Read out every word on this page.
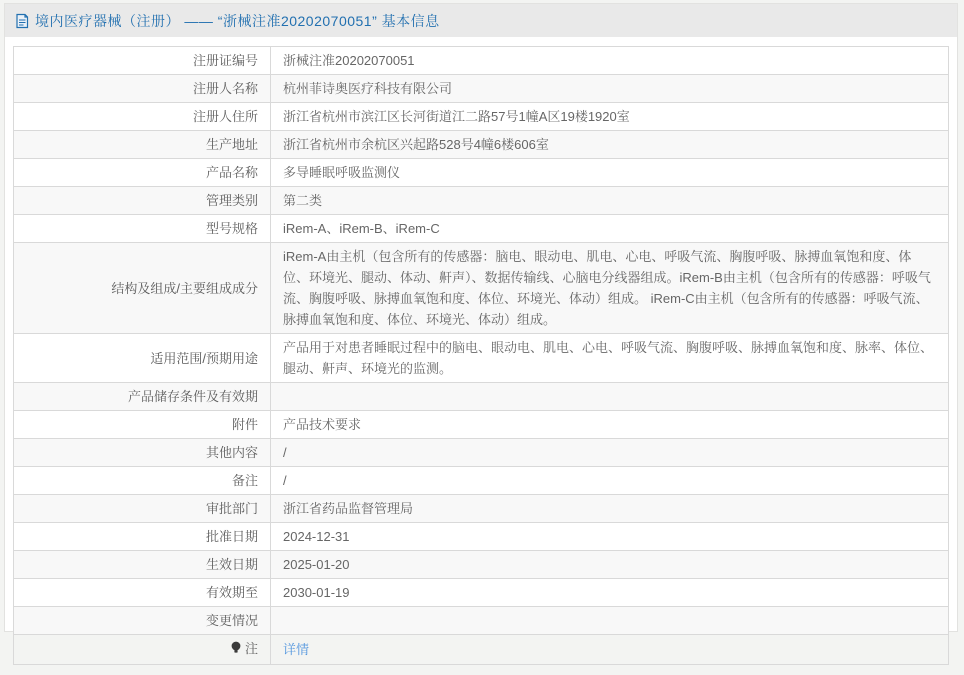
境内医疗器械（注册） —— “浙械注准20202070051” 基本信息
注册证编号	浙械注准20202070051
注册人名称	杭州菲诗奥医疗科技有限公司
注册人住所	浙江省杭州市滨江区长河街道江二路57号1幢A区19楼1920室
生产地址	浙江省杭州市余杭区兴起路528号4幢6楼606室
产品名称	多导睡眠呼吸监测仪
管理类别	第二类
型号规格	iRem-A、iRem-B、iRem-C
结构及组成/主要组成成分	iRem-A由主机（包含所有的传感器：脑电、眼动电、肌电、心电、呼吸气流、胸腹呼吸、脉搏血氧饱和度、体位、环境光、腿动、体动、鼾声）、数据传输线、心脑电分线器组成。iRem-B由主机（包含所有的传感器：呼吸气流、胸腹呼吸、脉搏血氧饱和度、体位、环境光、体动）组成。 iRem-C由主机（包含所有的传感器：呼吸气流、脉搏血氧饱和度、体位、环境光、体动）组成。
适用范围/预期用途	产品用于对患者睡眠过程中的脑电、眼动电、肌电、心电、呼吸气流、胸腹呼吸、脉搏血氧饱和度、脉率、体位、腿动、鼾声、环境光的监测。
产品储存条件及有效期	
附件	产品技术要求
其他内容	/
备注	/
审批部门	浙江省药品监督管理局
批准日期	2024-12-31
生效日期	2025-01-20
有效期至	2030-01-19
变更情况	
注	详情
